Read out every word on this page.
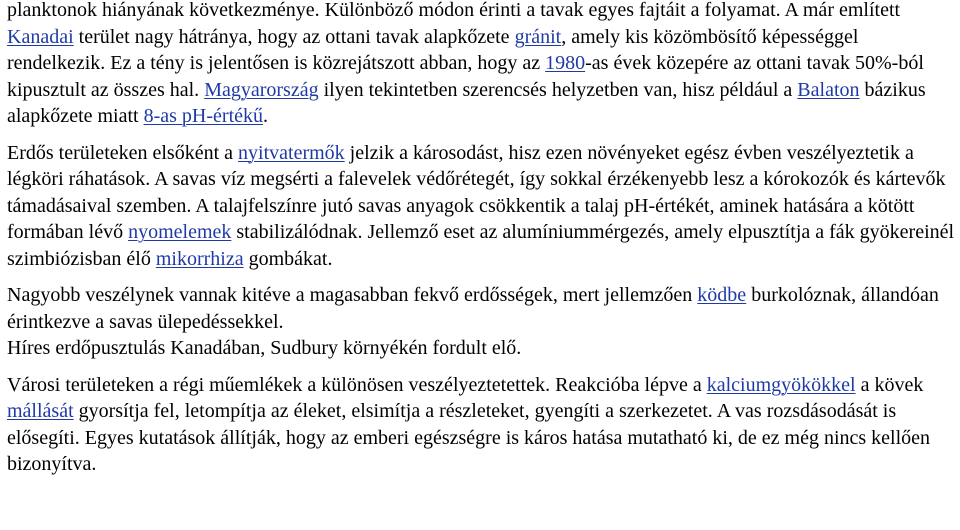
planktonok hiányának következménye. Különböző módon érinti a tavak egyes fajtáit a folyamat. A már említett Kanadai terület nagy hátránya, hogy az ottani tavak alapkőzete gránit, amely kis közömbösítő képességgel rendelkezik. Ez a tény is jelentősen is közrejátszott abban, hogy az 1980-as évek közepére az ottani tavak 50%-ból kipusztult az összes hal. Magyarország ilyen tekintetben szerencsés helyzetben van, hisz például a Balaton bázikus alapkőzete miatt 8-as pH-értékű.

Erdős területeken elsőként a nyitvatermők jelzik a károsodást, hisz ezen növényeket egész évben veszélyeztetik a légköri ráhatások. A savas víz megsérti a falevelek védőrétegét, így sokkal érzékenyebb lesz a kórokozók és kártevők támadásaival szemben. A talajfelszínre jutó savas anyagok csökkentik a talaj pH-értékét, aminek hatására a kötött formában lévő nyomelemek stabilizálódnak. Jellemző eset az alumíniummérgezés, amely elpusztítja a fák gyökereinél szimbiózisban élő mikorrhiza gombákat.

Nagyobb veszélynek vannak kitéve a magasabban fekvő erdősségek, mert jellemzően ködbe burkolóznak, állandóan érintkezve a savas ülepedéssekkel.

Híres erdőpusztulás Kanadában, Sudbury környékén fordult elő.

Városi területeken a régi műemlékek a különösen veszélyeztetettek. Reakcióba lépve a kalciumgyökökkel a kövek mállását gyorsítja fel, letompítja az éleket, elsimítja a részleteket, gyengíti a szerkezetet. A vas rozsdásodását is elősegíti. Egyes kutatások állítják, hogy az emberi egészségre is káros hatása mutatható ki, de ez még nincs kellően bizonyítva.
